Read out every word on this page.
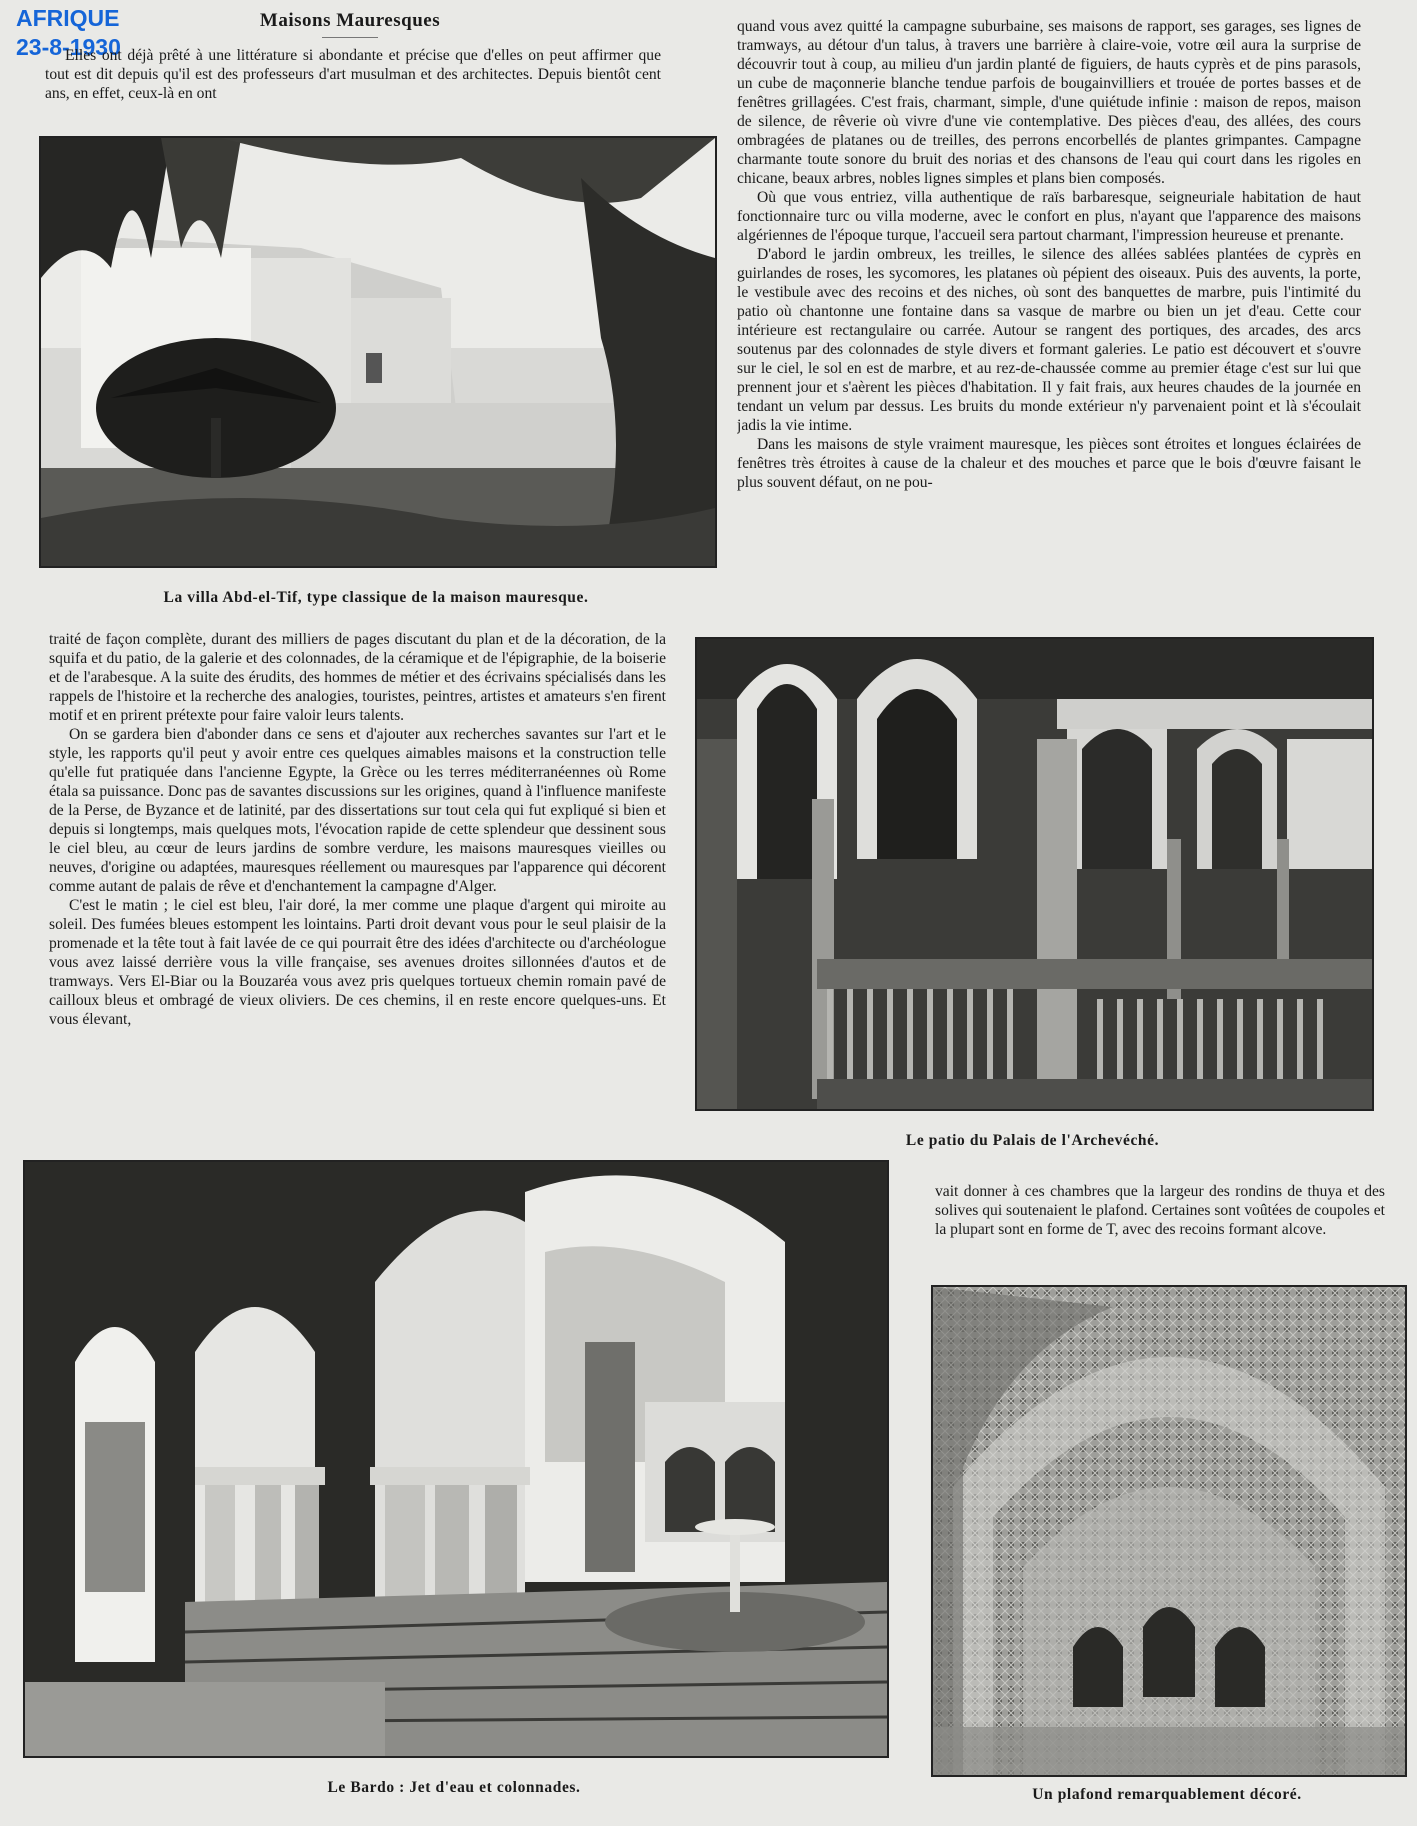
AFRIQUE
23-8-1930
Maisons Mauresques

Elles ont déjà prêté à une littérature si abondante et précise que d'elles on peut affirmer que tout est dit depuis qu'il est des professeurs d'art musulman et des architectes. Depuis bientôt cent ans, en effet, ceux-là en ont

La villa Abd-el-Tif, type classique de la maison mauresque.

quand vous avez quitté la campagne suburbaine, ses maisons de rapport, ses garages, ses lignes de tramways, au détour d'un talus, à travers une barrière à claire-voie, votre œil aura la surprise de découvrir tout à coup, au milieu d'un jardin planté de figuiers, de hauts cyprès et de pins parasols, un cube de maçonnerie blanche tendue parfois de bougainvilliers et trouée de portes basses et de fenêtres grillagées. C'est frais, charmant, simple, d'une quiétude infinie : maison de repos, maison de silence, de rêverie où vivre d'une vie contemplative. Des pièces d'eau, des allées, des cours ombragées de platanes ou de treilles, des perrons encorbellés de plantes grimpantes. Campagne charmante toute sonore du bruit des norias et des chansons de l'eau qui court dans les rigoles en chicane, beaux arbres, nobles lignes simples et plans bien composés.

Où que vous entriez, villa authentique de raïs barbaresque, seigneuriale habitation de haut fonctionnaire turc ou villa moderne, avec le confort en plus, n'ayant que l'apparence des maisons algériennes de l'époque turque, l'accueil sera partout charmant, l'impression heureuse et prenante.

D'abord le jardin ombreux, les treilles, le silence des allées sablées plantées de cyprès en guirlandes de roses, les sycomores, les platanes où pépient des oiseaux. Puis des auvents, la porte, le vestibule avec des recoins et des niches, où sont des banquettes de marbre, puis l'intimité du patio où chantonne une fontaine dans sa vasque de marbre ou bien un jet d'eau. Cette cour intérieure est rectangulaire ou carrée. Autour se rangent des portiques, des arcades, des arcs soutenus par des colonnades de style divers et formant galeries. Le patio est découvert et s'ouvre sur le ciel, le sol en est de marbre, et au rez-de-chaussée comme au premier étage c'est sur lui que prennent jour et s'aèrent les pièces d'habitation. Il y fait frais, aux heures chaudes de la journée en tendant un velum par dessus. Les bruits du monde extérieur n'y parvenaient point et là s'écoulait jadis la vie intime.

Dans les maisons de style vraiment mauresque, les pièces sont étroites et longues éclairées de fenêtres très étroites à cause de la chaleur et des mouches et parce que le bois d'œuvre faisant le plus souvent défaut, on ne pou-

traité de façon complète, durant des milliers de pages discutant du plan et de la décoration, de la squifa et du patio, de la galerie et des colonnades, de la céramique et de l'épigraphie, de la boiserie et de l'arabesque. A la suite des érudits, des hommes de métier et des écrivains spécialisés dans les rappels de l'histoire et la recherche des analogies, touristes, peintres, artistes et amateurs s'en firent motif et en prirent prétexte pour faire valoir leurs talents.

On se gardera bien d'abonder dans ce sens et d'ajouter aux recherches savantes sur l'art et le style, les rapports qu'il peut y avoir entre ces quelques aimables maisons et la construction telle qu'elle fut pratiquée dans l'ancienne Egypte, la Grèce ou les terres méditerranéennes où Rome étala sa puissance. Donc pas de savantes discussions sur les origines, quand à l'influence manifeste de la Perse, de Byzance et de latinité, par des dissertations sur tout cela qui fut expliqué si bien et depuis si longtemps, mais quelques mots, l'évocation rapide de cette splendeur que dessinent sous le ciel bleu, au cœur de leurs jardins de sombre verdure, les maisons mauresques vieilles ou neuves, d'origine ou adaptées, mauresques réellement ou mauresques par l'apparence qui décorent comme autant de palais de rêve et d'enchantement la campagne d'Alger.

C'est le matin ; le ciel est bleu, l'air doré, la mer comme une plaque d'argent qui miroite au soleil. Des fumées bleues estompent les lointains. Parti droit devant vous pour le seul plaisir de la promenade et la tête tout à fait lavée de ce qui pourrait être des idées d'architecte ou d'archéologue vous avez laissé derrière vous la ville française, ses avenues droites sillonnées d'autos et de tramways. Vers El-Biar ou la Bouzaréa vous avez pris quelques tortueux chemin romain pavé de cailloux bleus et ombragé de vieux oliviers. De ces chemins, il en reste encore quelques-uns. Et vous élevant,

Le patio du Palais de l'Archevéché.
Le Bardo : Jet d'eau et colonnades.

vait donner à ces chambres que la largeur des rondins de thuya et des solives qui soutenaient le plafond. Certaines sont voûtées de coupoles et la plupart sont en forme de T, avec des recoins formant alcove.

Un plafond remarquablement décoré.
